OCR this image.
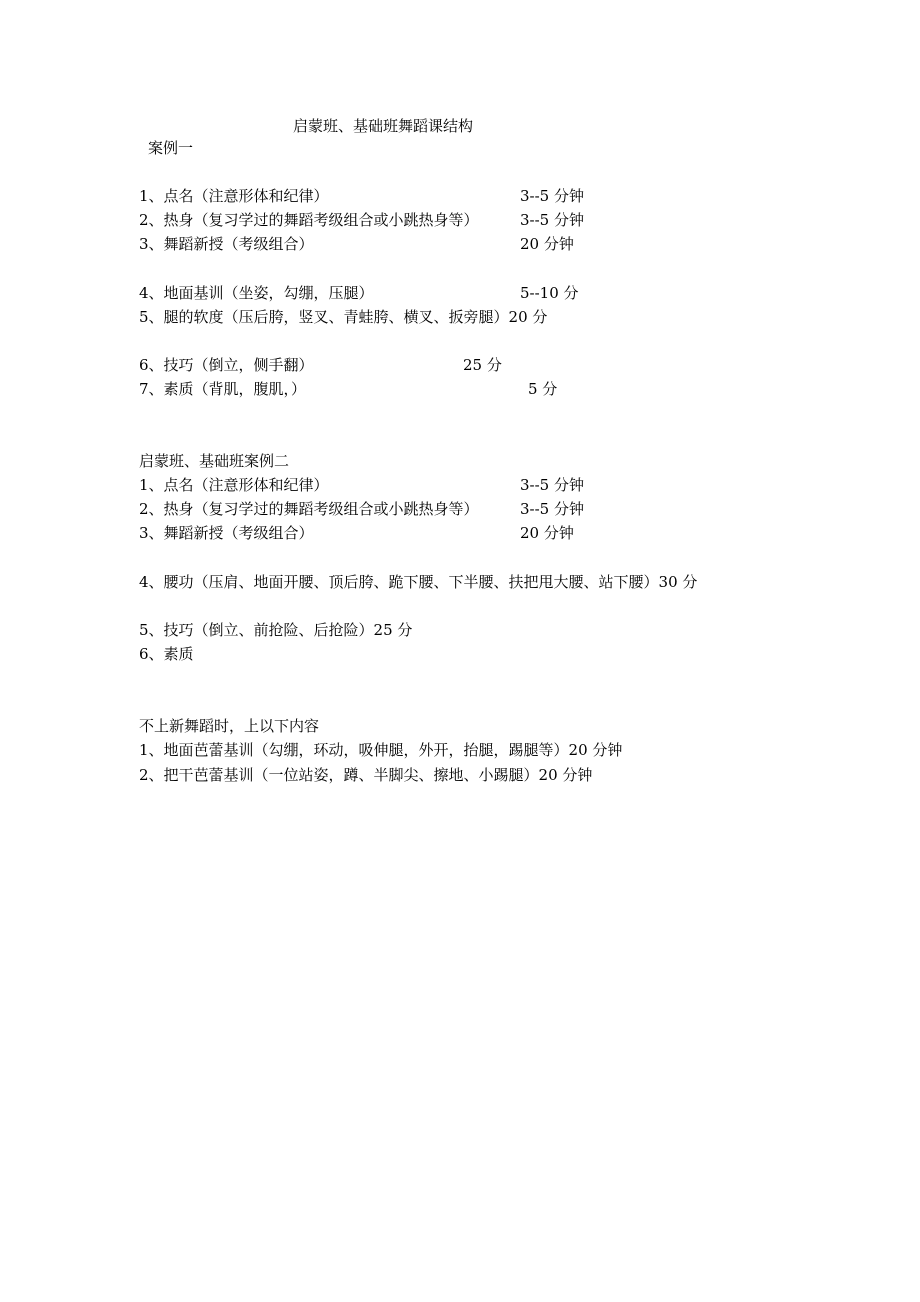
启蒙班、基础班舞蹈课结构
案例一
1、点名（注意形体和纪律）	3--5 分钟
2、热身（复习学过的舞蹈考级组合或小跳热身等）	3--5 分钟
3、舞蹈新授（考级组合）	20 分钟
4、地面基训（坐姿，勾绷，压腿）	5--10 分
5、腿的软度（压后胯，竖叉、青蛙胯、横叉、扳旁腿）20 分
6、技巧（倒立，侧手翻）	25 分
7、素质（背肌，腹肌，）	5 分
启蒙班、基础班案例二
1、点名（注意形体和纪律）	3--5 分钟
2、热身（复习学过的舞蹈考级组合或小跳热身等）	3--5 分钟
3、舞蹈新授（考级组合）	20 分钟
4、腰功（压肩、地面开腰、顶后胯、跪下腰、下半腰、扶把甩大腰、站下腰）30 分
5、技巧（倒立、前抢险、后抢险）25 分
6、素质
不上新舞蹈时，上以下内容
1、地面芭蕾基训（勾绷，环动，吸伸腿，外开，抬腿，踢腿等）20 分钟
2、把干芭蕾基训（一位站姿，蹲、半脚尖、擦地、小踢腿）20 分钟
